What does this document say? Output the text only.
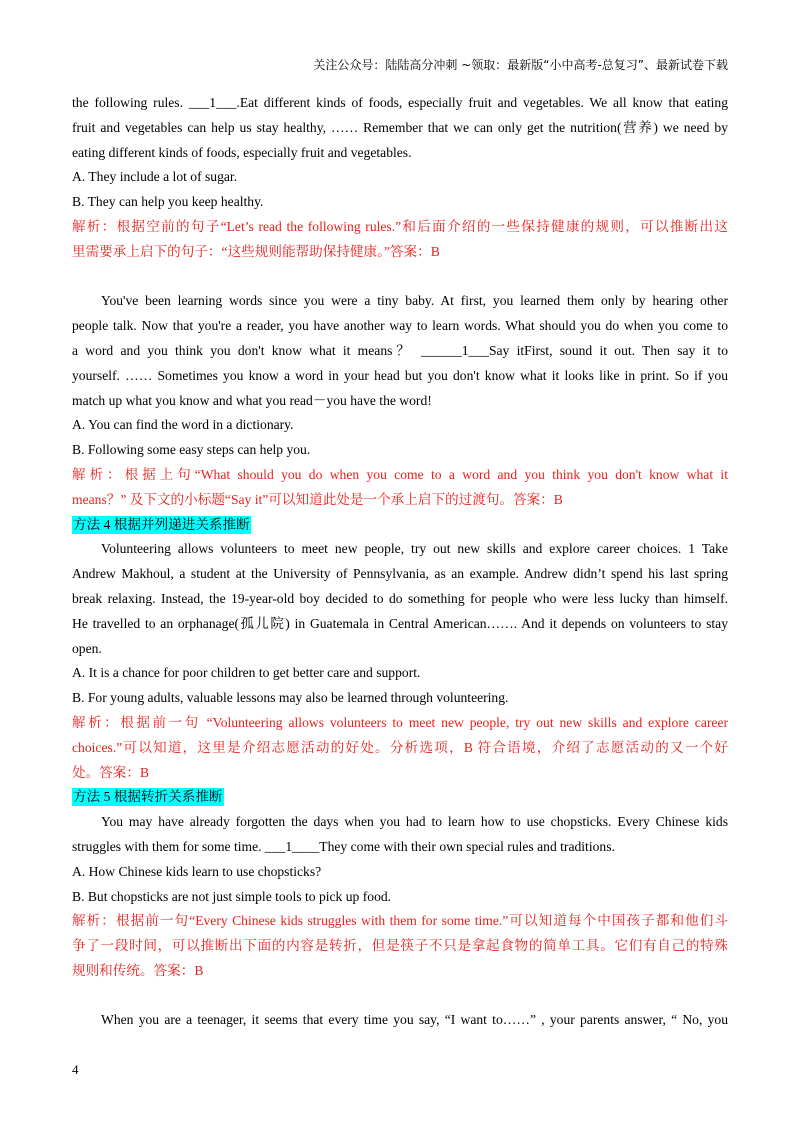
关注公众号：陆陆高分冲刺 ~领取：最新版“小中高考-总复习”、最新试卷下载
the following rules. ___1___.Eat different kinds of foods, especially fruit and vegetables. We all know that eating
fruit and vegetables can help us stay healthy, …… Remember that we can only get the nutrition(营养) we need by
eating different kinds of foods, especially fruit and vegetables.
A. They include a lot of sugar.
B. They can help you keep healthy.
解析：根据空前的句子“Let’s read the following rules.”和后面介绍的一些保持健康的规则，可以推断出这
里需要承上启下的句子：“这些规则能帮助保持健康。”答案：B
You've been learning words since you were a tiny baby. At first, you learned them only by hearing other
people talk. Now that you're a reader, you have another way to learn words. What should you do when you come to
a word and you think you don't know what it means？ ______1___Say itFirst, sound it out. Then say it to
yourself. …… Sometimes you know a word in your head but you don't know what it looks like in print. So if you
match up what you know and what you read－you have the word!
A. You can find the word in a dictionary.
B. Following some easy steps can help you.
解析：根据上句“What should you do when you come to a word and you think you don't know what it
means？” 及下文的小标题“Say it”可以知道此处是一个承上启下的过渡句。答案：B
方法 4 根据并列递进关系推断
Volunteering allows volunteers to meet new people, try out new skills and explore career choices. 1 Take
Andrew Makhoul, a student at the University of Pennsylvania, as an example. Andrew didn’t spend his last spring
break relaxing. Instead, the 19-year-old boy decided to do something for people who were less lucky than himself.
He travelled to an orphanage(孤儿院) in Guatemala in Central American……. And it depends on volunteers to stay
open.
A. It is a chance for poor children to get better care and support.
B. For young adults, valuable lessons may also be learned through volunteering.
解析：根据前一句 “Volunteering allows volunteers to meet new people, try out new skills and explore career
choices.”可以知道，这里是介绍志愿活动的好处。分析选项，B 符合语境，介绍了志愿活动的又一个好
处。答案：B
方法 5 根据转折关系推断
You may have already forgotten the days when you had to learn how to use chopsticks. Every Chinese kids
struggles with them for some time. ___1____They come with their own special rules and traditions.
A. How Chinese kids learn to use chopsticks?
B. But chopsticks are not just simple tools to pick up food.
解析：根据前一句“Every Chinese kids struggles with them for some time.”可以知道每个中国孩子都和他们斗
争了一段时间，可以推断出下面的内容是转折，但是筷子不只是拿起食物的简单工具。它们有自己的特殊
规则和传统。答案：B
When you are a teenager, it seems that every time you say, “I want to……” , your parents answer, “ No, you
4
